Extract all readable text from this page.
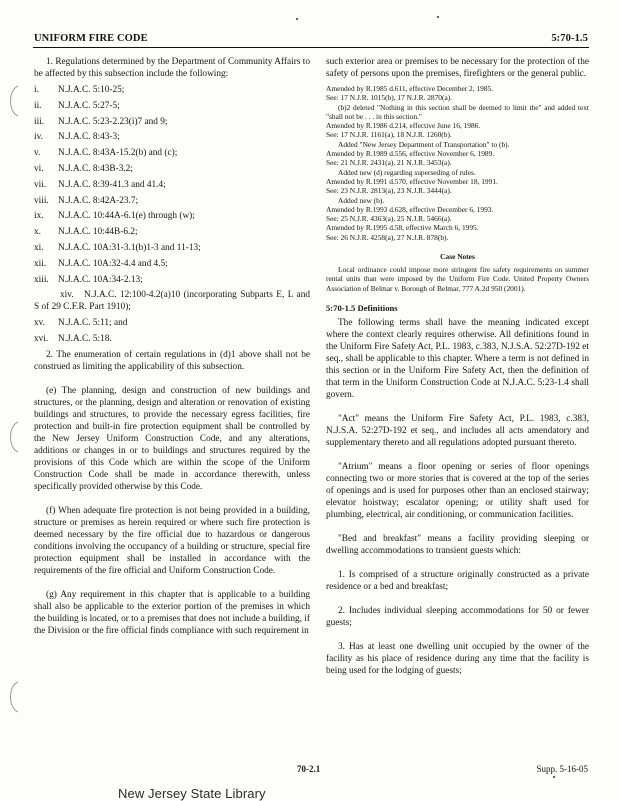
UNIFORM FIRE CODE	5:70-1.5

1. Regulations determined by the Department of Community Affairs to be affected by this subsection include the following:

i. N.J.A.C. 5:10-25;

ii. N.J.A.C. 5:27-5;

iii. N.J.A.C. 5:23-2.23(i)7 and 9;

iv. N.J.A.C. 8:43-3;

v. N.J.A.C. 8:43A-15.2(b) and (c);

vi. N.J.A.C. 8:43B-3.2;

vii. N.J.A.C. 8:39-41.3 and 41.4;

viii. N.J.A.C. 8:42A-23.7;

ix. N.J.A.C. 10:44A-6.1(e) through (w);

x. N.J.A.C. 10:44B-6.2;

xi. N.J.A.C. 10A:31-3.1(b)1-3 and 11-13;

xii. N.J.A.C. 10A:32-4.4 and 4.5;

xiii. N.J.A.C. 10A:34-2.13;

xiv. N.J.A.C. 12:100-4.2(a)10 (incorporating Subparts E, L and S of 29 C.F.R. Part 1910);

xv. N.J.A.C. 5:11; and

xvi. N.J.A.C. 5:18.

2. The enumeration of certain regulations in (d)1 above shall not be construed as limiting the applicability of this subsection.

(e) The planning, design and construction of new buildings and structures, or the planning, design and alteration or renovation of existing buildings and structures, to provide the necessary egress facilities, fire protection and built-in fire protection equipment shall be controlled by the New Jersey Uniform Construction Code, and any alterations, additions or changes in or to buildings and structures required by the provisions of this Code which are within the scope of the Uniform Construction Code shall be made in accordance therewith, unless specifically provided otherwise by this Code.

(f) When adequate fire protection is not being provided in a building, structure or premises as herein required or where such fire protection is deemed necessary by the fire official due to hazardous or dangerous conditions involving the occupancy of a building or structure, special fire protection equipment shall be installed in accordance with the requirements of the fire official and Uniform Construction Code.

(g) Any requirement in this chapter that is applicable to a building shall also be applicable to the exterior portion of the premises in which the building is located, or to a premises that does not include a building, if the Division or the fire official finds compliance with such requirement in

such exterior area or premises to be necessary for the protection of the safety of persons upon the premises, firefighters or the general public.

Amended by R.1985 d.611, effective December 2, 1985.

See: 17 N.J.R. 1015(b), 17 N.J.R. 2870(a).

(b)2 deleted "Nothing in this section shall be deemed to limit the" and added text "shall not be . . . in this section."

Amended by R.1986 d.214, effective June 16, 1986.

See: 17 N.J.R. 1161(a), 18 N.J.R. 1260(b).

Added "New Jersey Department of Transportation" to (b).

Amended by R.1989 d.556, effective November 6, 1989.

See: 21 N.J.R. 2431(a), 21 N.J.R. 3453(a).

Added new (d) regarding superseding of rules.

Amended by R.1991 d.570, effective November 18, 1991.

See: 23 N.J.R. 2813(a), 23 N.J.R. 3444(a).

Added new (b).

Amended by R.1993 d.628, effective December 6, 1993.

See: 25 N.J.R. 4363(a), 25 N.J.R. 5466(a).

Amended by R.1995 d.58, effective March 6, 1995.

See: 26 N.J.R. 4258(a), 27 N.J.R. 878(b).

Case Notes

Local ordinance could impose more stringent fire safety requirements on summer rental units than were imposed by the Uniform Fire Code. United Property Owners Association of Belmar v. Borough of Belmar, 777 A.2d 950 (2001).

5:70-1.5 Definitions

The following terms shall have the meaning indicated except where the context clearly requires otherwise. All definitions found in the Uniform Fire Safety Act, P.L. 1983, c.383, N.J.S.A. 52:27D-192 et seq., shall be applicable to this chapter. Where a term is not defined in this section or in the Uniform Fire Safety Act, then the definition of that term in the Uniform Construction Code at N.J.A.C. 5:23-1.4 shall govern.

"Act" means the Uniform Fire Safety Act, P.L. 1983, c.383, N.J.S.A. 52:27D-192 et seq., and includes all acts amendatory and supplementary thereto and all regulations adopted pursuant thereto.

"Atrium" means a floor opening or series of floor openings connecting two or more stories that is covered at the top of the series of openings and is used for purposes other than an enclosed stairway; elevator hoistway; escalator opening; or utility shaft used for plumbing, electrical, air conditioning, or communication facilities.

"Bed and breakfast" means a facility providing sleeping or dwelling accommodations to transient guests which:

1. Is comprised of a structure originally constructed as a private residence or a bed and breakfast;

2. Includes individual sleeping accommodations for 50 or fewer guests;

3. Has at least one dwelling unit occupied by the owner of the facility as his place of residence during any time that the facility is being used for the lodging of guests;

70-2.1	Supp. 5-16-05
New Jersey State Library
